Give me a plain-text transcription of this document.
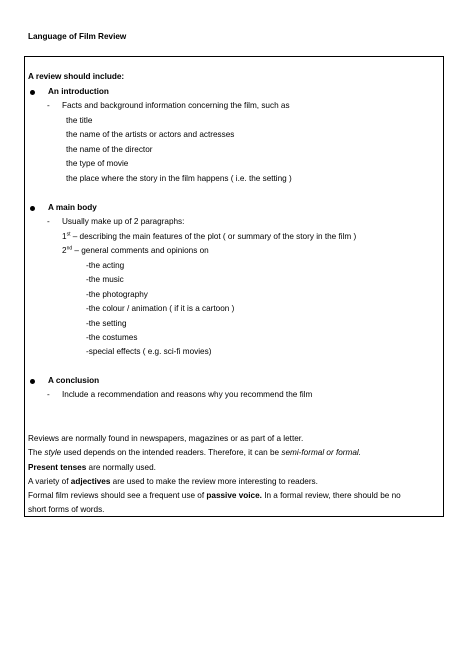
Language of Film Review
A review should include:
An introduction
- Facts and background information concerning the film, such as
the title
the name of the artists or actors and actresses
the name of the director
the type of movie
the place where the story in the film happens ( i.e. the setting )
A main body
- Usually make up of 2 paragraphs:
1st – describing the main features of the plot ( or summary of the story in the film )
2nd – general comments and opinions on
-the acting
-the music
-the photography
-the colour / animation ( if it is a cartoon )
-the setting
-the costumes
-special effects ( e.g. sci-fi movies)
A conclusion
- Include a recommendation and reasons why you recommend the film
Reviews are normally found in newspapers, magazines or as part of a letter.
The style used depends on the intended readers. Therefore, it can be semi-formal or formal.
Present tenses are normally used.
A variety of adjectives are used to make the review more interesting to readers.
Formal film reviews should see a frequent use of passive voice. In a formal review, there should be no
short forms of words.
